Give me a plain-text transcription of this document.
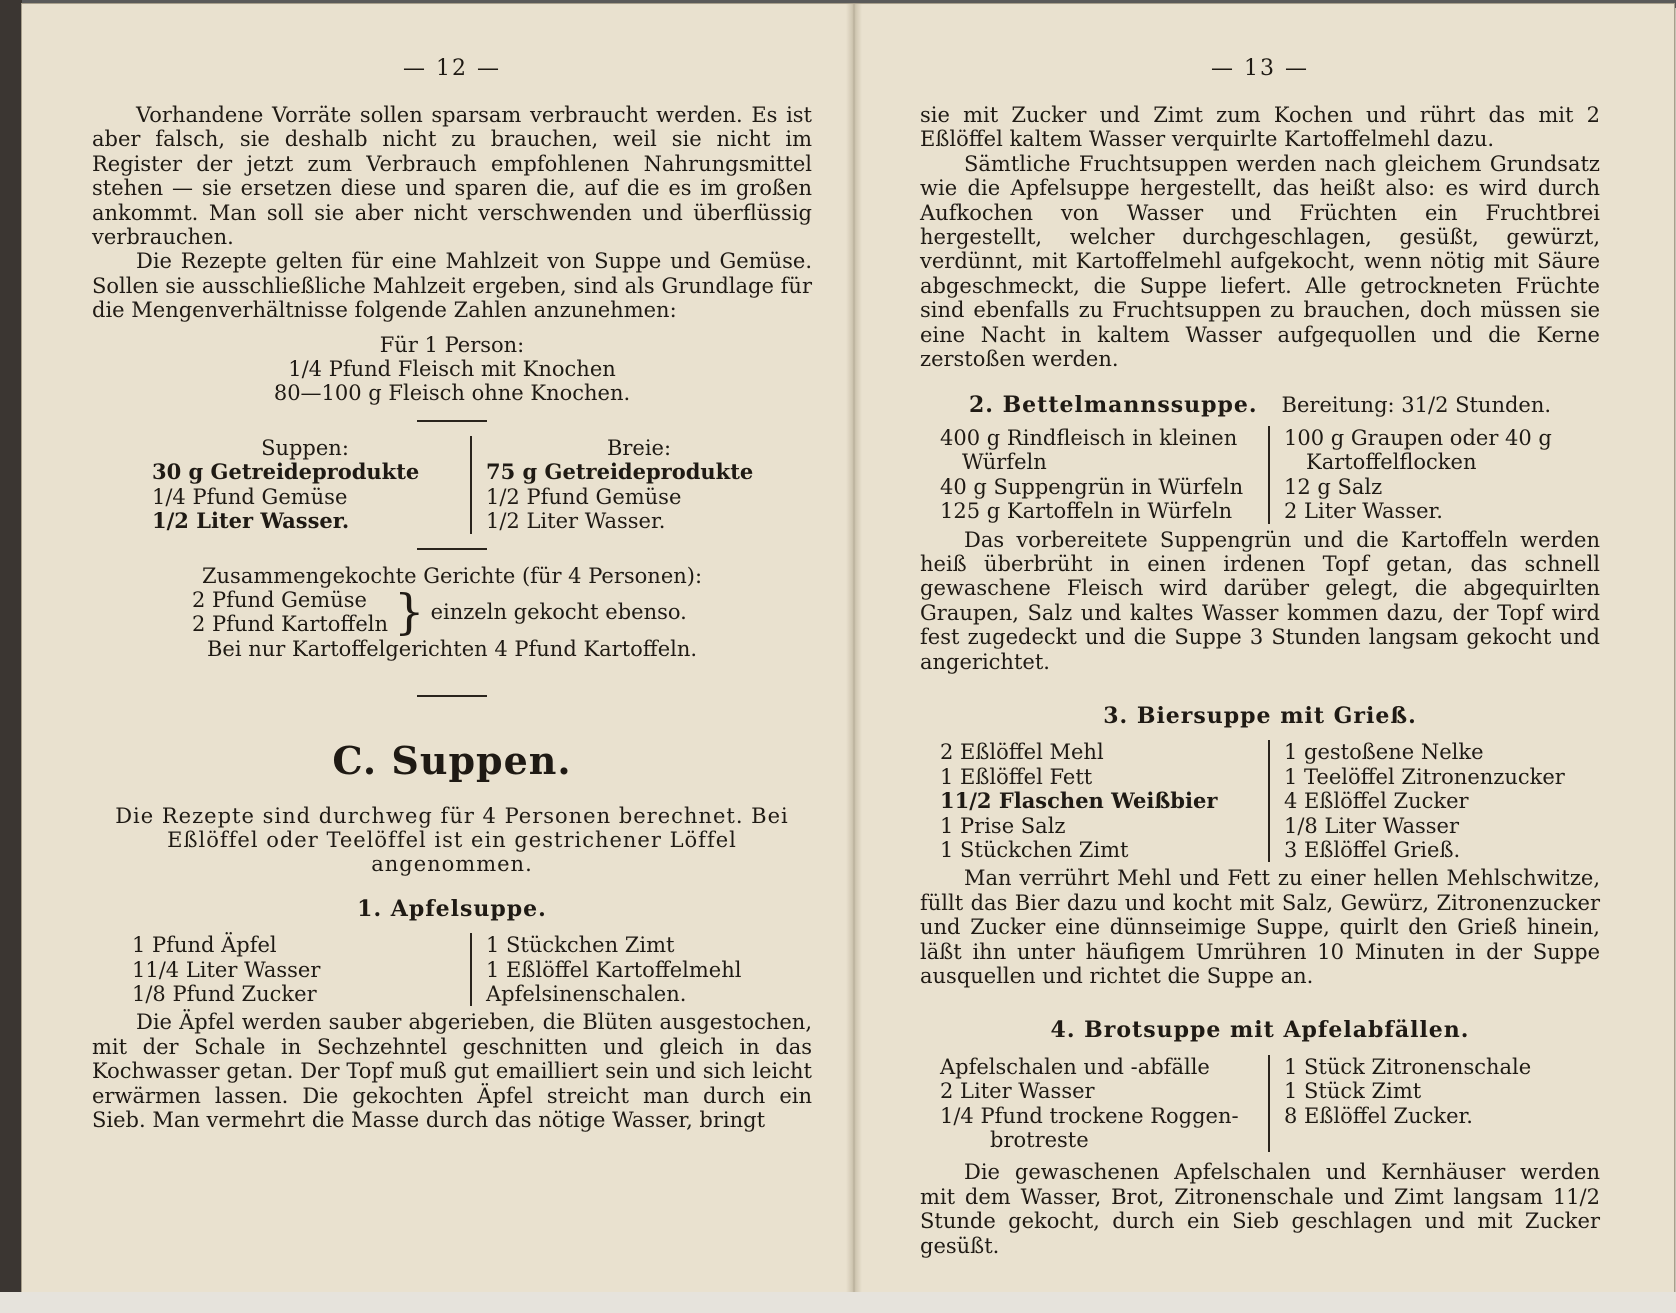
— 12 —

Vorhandene Vorräte sollen sparsam verbraucht werden. Es ist aber falsch, sie deshalb nicht zu brauchen, weil sie nicht im Register der jetzt zum Verbrauch empfohlenen Nahrungsmittel stehen — sie ersetzen diese und sparen die, auf die es im großen ankommt. Man soll sie aber nicht verschwenden und überflüssig verbrauchen.

Die Rezepte gelten für eine Mahlzeit von Suppe und Gemüse. Sollen sie ausschließliche Mahlzeit ergeben, sind als Grundlage für die Mengenverhältnisse folgende Zahlen anzunehmen:

Für 1 Person:

1/4 Pfund Fleisch mit Knochen

80—100 g Fleisch ohne Knochen.

Suppen:
30 g Getreideprodukte
1/4 Pfund Gemüse
1/2 Liter Wasser.
Breie:
75 g Getreideprodukte
1/2 Pfund Gemüse
1/2 Liter Wasser.

Zusammengekochte Gerichte (für 4 Personen):

2 Pfund Gemüse
2 Pfund Kartoffeln } einzeln gekocht ebenso.

Bei nur Kartoffelgerichten 4 Pfund Kartoffeln.

C. Suppen.

Die Rezepte sind durchweg für 4 Personen berechnet. Bei Eßlöffel oder Teelöffel ist ein gestrichener Löffel angenommen.

1. Apfelsuppe.
1 Pfund Äpfel
11/4 Liter Wasser
1/8 Pfund Zucker
1 Stückchen Zimt
1 Eßlöffel Kartoffelmehl
Apfelsinenschalen.

Die Äpfel werden sauber abgerieben, die Blüten ausgestochen, mit der Schale in Sechzehntel geschnitten und gleich in das Kochwasser getan. Der Topf muß gut emailliert sein und sich leicht erwärmen lassen. Die gekochten Äpfel streicht man durch ein Sieb. Man vermehrt die Masse durch das nötige Wasser, bringt

— 13 —

sie mit Zucker und Zimt zum Kochen und rührt das mit 2 Eßlöffel kaltem Wasser verquirlte Kartoffelmehl dazu.

Sämtliche Fruchtsuppen werden nach gleichem Grundsatz wie die Apfelsuppe hergestellt, das heißt also: es wird durch Aufkochen von Wasser und Früchten ein Fruchtbrei hergestellt, welcher durchgeschlagen, gesüßt, gewürzt, verdünnt, mit Kartoffelmehl aufgekocht, wenn nötig mit Säure abgeschmeckt, die Suppe liefert. Alle getrockneten Früchte sind ebenfalls zu Fruchtsuppen zu brauchen, doch müssen sie eine Nacht in kaltem Wasser aufgequollen und die Kerne zerstoßen werden.

2. Bettelmannssuppe. Bereitung: 31/2 Stunden.
400 g Rindfleisch in kleinen
Würfeln
40 g Suppengrün in Würfeln
125 g Kartoffeln in Würfeln
100 g Graupen oder 40 g
Kartoffelflocken
12 g Salz
2 Liter Wasser.

Das vorbereitete Suppengrün und die Kartoffeln werden heiß überbrüht in einen irdenen Topf getan, das schnell gewaschene Fleisch wird darüber gelegt, die abgequirlten Graupen, Salz und kaltes Wasser kommen dazu, der Topf wird fest zugedeckt und die Suppe 3 Stunden langsam gekocht und angerichtet.

3. Biersuppe mit Grieß.
2 Eßlöffel Mehl
1 Eßlöffel Fett
11/2 Flaschen Weißbier
1 Prise Salz
1 Stückchen Zimt
1 gestoßene Nelke
1 Teelöffel Zitronenzucker
4 Eßlöffel Zucker
1/8 Liter Wasser
3 Eßlöffel Grieß.

Man verrührt Mehl und Fett zu einer hellen Mehlschwitze, füllt das Bier dazu und kocht mit Salz, Gewürz, Zitronenzucker und Zucker eine dünnseimige Suppe, quirlt den Grieß hinein, läßt ihn unter häufigem Umrühren 10 Minuten in der Suppe ausquellen und richtet die Suppe an.

4. Brotsuppe mit Apfelabfällen.
Apfelschalen und -abfälle
2 Liter Wasser
1/4 Pfund trockene Roggen-
brotreste
1 Stück Zitronenschale
1 Stück Zimt
8 Eßlöffel Zucker.

Die gewaschenen Apfelschalen und Kernhäuser werden mit dem Wasser, Brot, Zitronenschale und Zimt langsam 11/2 Stunde gekocht, durch ein Sieb geschlagen und mit Zucker gesüßt.
